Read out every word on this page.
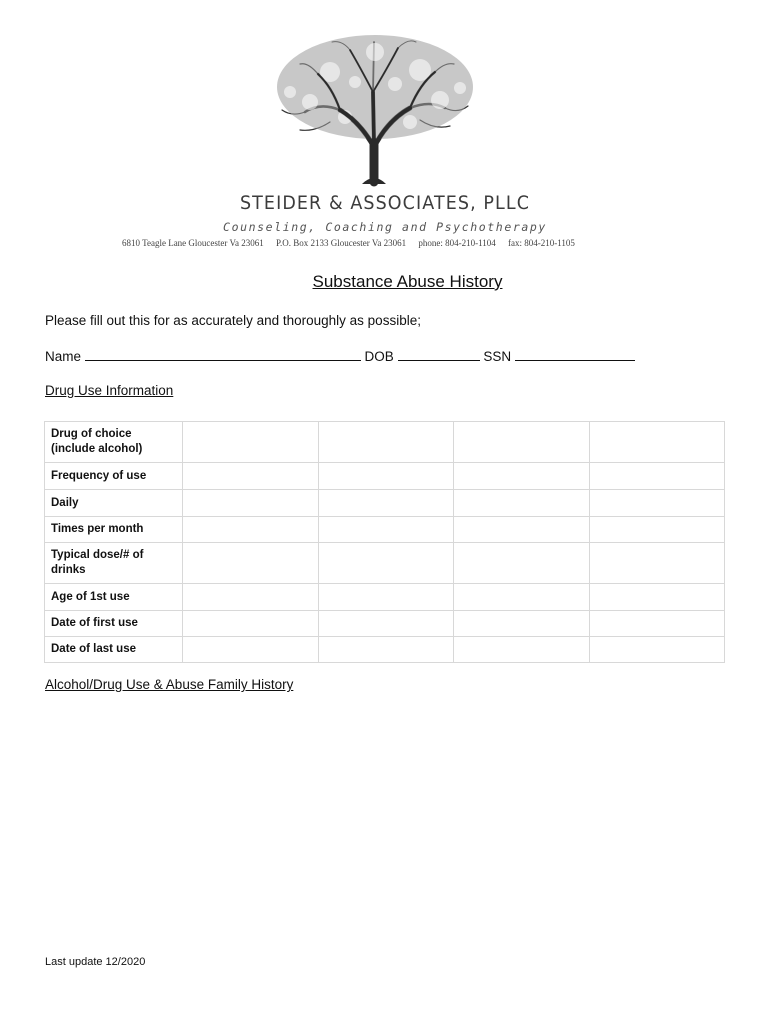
STEIDER & ASSOCIATES, PLLC
Counseling, Coaching and Psychotherapy
6810 Teagle Lane Gloucester Va 23061 P.O. Box 2133 Gloucester Va 23061 phone: 804-210-1104 fax: 804-210-1105
Substance Abuse History
Please fill out this for as accurately and thoroughly as possible;
Name	DOB	SSN
Drug Use Information
Drug of choice (include alcohol)				
Frequency of use				
Daily				
Times per month				
Typical dose/# of drinks				
Age of 1st use				
Date of first use				
Date of last use				
Alcohol/Drug Use & Abuse Family History
Last update 12/2020
